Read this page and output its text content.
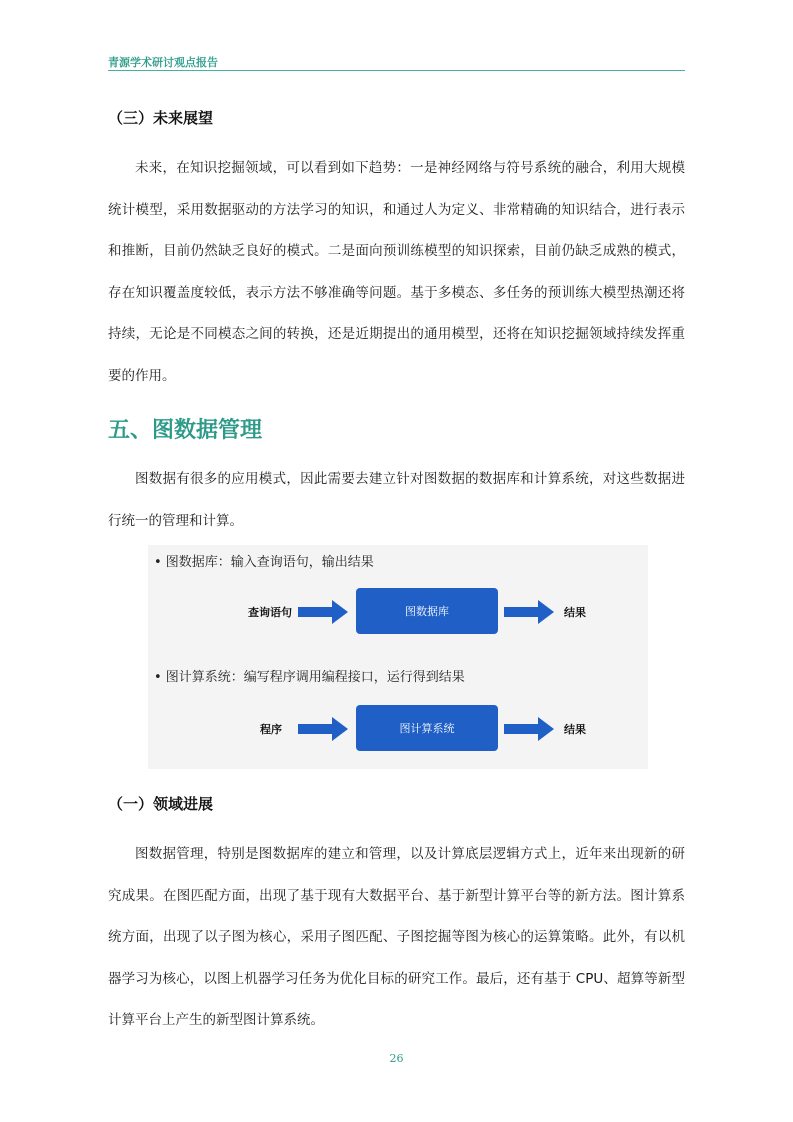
青源学术研讨观点报告
（三）未来展望
未来，在知识挖掘领域，可以看到如下趋势：一是神经网络与符号系统的融合，利用大规模统计模型，采用数据驱动的方法学习的知识，和通过人为定义、非常精确的知识结合，进行表示和推断，目前仍然缺乏良好的模式。二是面向预训练模型的知识探索，目前仍缺乏成熟的模式，存在知识覆盖度较低，表示方法不够准确等问题。基于多模态、多任务的预训练大模型热潮还将持续，无论是不同模态之间的转换，还是近期提出的通用模型，还将在知识挖掘领域持续发挥重要的作用。
五、图数据管理
图数据有很多的应用模式，因此需要去建立针对图数据的数据库和计算系统，对这些数据进行统一的管理和计算。
• 图数据库：输入查询语句，输出结果
查询语句	图数据库	结果
• 图计算系统：编写程序调用编程接口，运行得到结果
程序	图计算系统	结果
（一）领域进展
图数据管理，特别是图数据库的建立和管理，以及计算底层逻辑方式上，近年来出现新的研究成果。在图匹配方面，出现了基于现有大数据平台、基于新型计算平台等的新方法。图计算系统方面，出现了以子图为核心，采用子图匹配、子图挖掘等图为核心的运算策略。此外，有以机器学习为核心，以图上机器学习任务为优化目标的研究工作。最后，还有基于 CPU、超算等新型计算平台上产生的新型图计算系统。
26
